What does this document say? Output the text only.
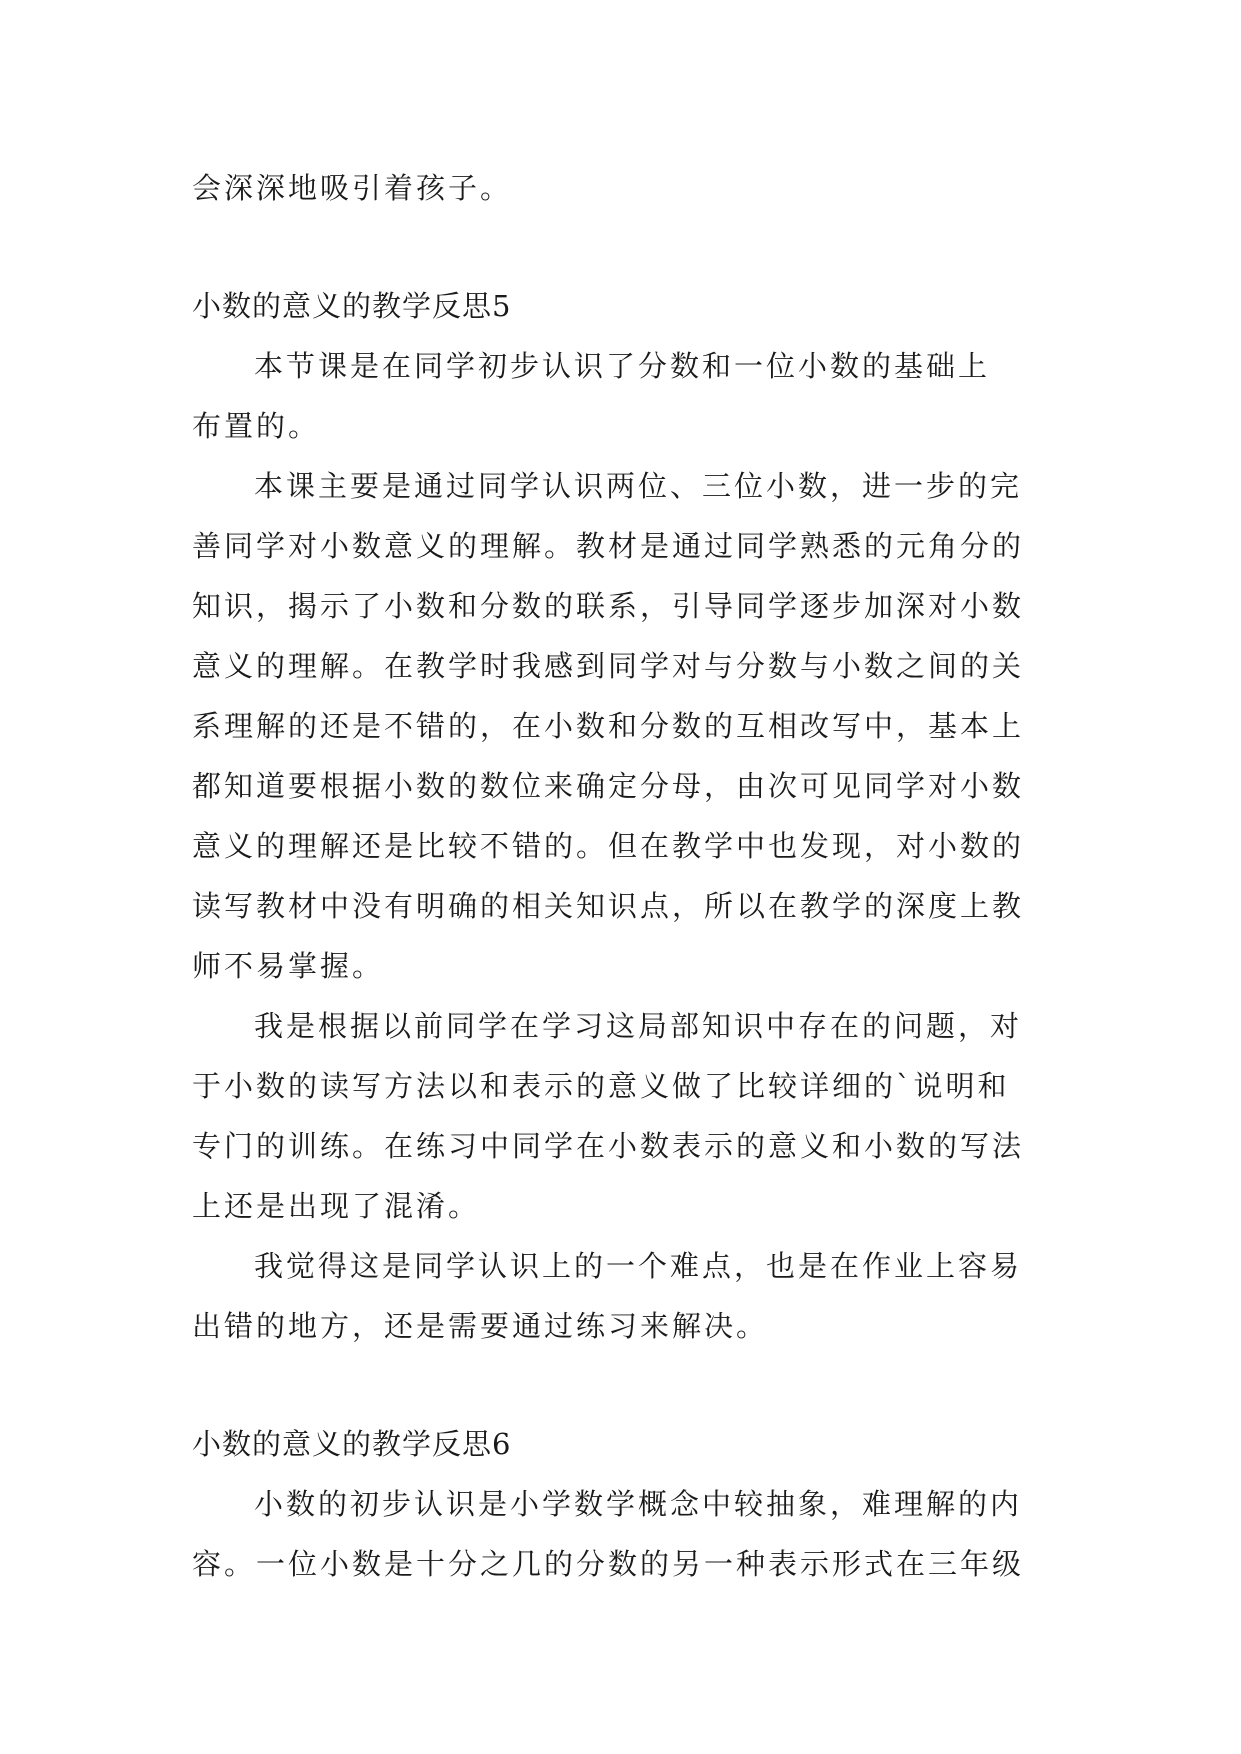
会深深地吸引着孩子。

小数的意义的教学反思5

本节课是在同学初步认识了分数和一位小数的基础上

布置的。

本课主要是通过同学认识两位、三位小数，进一步的完

善同学对小数意义的理解。教材是通过同学熟悉的元角分的

知识，揭示了小数和分数的联系，引导同学逐步加深对小数

意义的理解。在教学时我感到同学对与分数与小数之间的关

系理解的还是不错的，在小数和分数的互相改写中，基本上

都知道要根据小数的数位来确定分母，由次可见同学对小数

意义的理解还是比较不错的。但在教学中也发现，对小数的

读写教材中没有明确的相关知识点，所以在教学的深度上教

师不易掌握。

我是根据以前同学在学习这局部知识中存在的问题，对

于小数的读写方法以和表示的意义做了比较详细的`说明和

专门的训练。在练习中同学在小数表示的意义和小数的写法

上还是出现了混淆。

我觉得这是同学认识上的一个难点，也是在作业上容易

出错的地方，还是需要通过练习来解决。

小数的意义的教学反思6

小数的初步认识是小学数学概念中较抽象，难理解的内

容。一位小数是十分之几的分数的另一种表示形式在三年级
